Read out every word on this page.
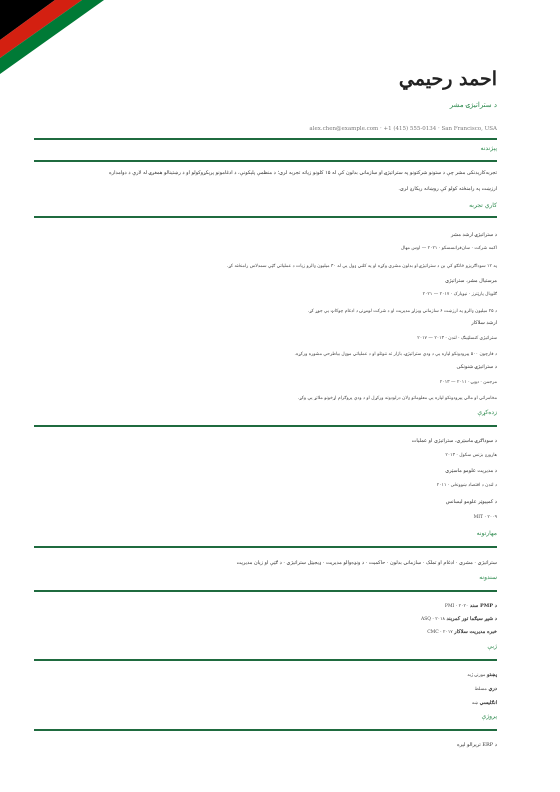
احمد رحيمي
د ستراتيژۍ مشر
alex.chen@example.com · +1 (415) 555-0134 · San Francisco, USA
پېژندنه
تجربه‌کارېدنکی مشر چې د ستونو شرکتونو په ستراتيژۍ او سازماني بدلون کې له ۱۵ کلونو زیاته تجربه لري؛ د منظمې پلېکونې، د ادغامونو پرېکړوکولو او د رښتينالو همغږۍ له لارې د دوامداره
ارزښت په رامنځته کولو کې روښانه ريکارډ لري.
کاري تجربه
د ستراتيژۍ ارشد مشر
اکمه شرکت · سان‌فرانسسکو · ۲۰۲۱ — اوس مهال
په ۱۲ سوداګريزو څانګو کې بن د ستراتيژۍ او بدلون مشري وکړه او په کلني ډول يې له ۳۰ میلیون ډالرو زيات د عملياتي ګټې سمدلاس رامنځته کړ.
مرستيال مشر، ستراتيژي
ګلوبال پارټنرز · نيويارک · ۲۰۱۷ — ۲۰۲۱
د ۲۵ میلیون ډالرو په ارزښت ۶ سازماني ويزلړ مديريت او د شرکت لومړنۍ د ادغام چوکاټ يې جوړ کړ.
ارشد سلاکار
ستراتيژي کنسلټينګ · لندن · ۲۰۱۳ — ۲۰۱۷
د فارچون ۵۰۰ پيرودونکو لپاره يې د ودې ستراتيژۍ، بازار ته ننوتلو او د عملياتي موډل بیاطرحې مشوره ورکړه.
د ستراتيژۍ شنونکی
مرجمن · دوبۍ · ۲۰۱۱ — ۲۰۱۳
مخامراتي او مالي پيرودونکو لپاره يې معلوماتو ډلان درلودونه ورکړل او د ودې پروګرام اړخونو ملاتړ يې وکړ.
زده‌کړې
د سوداګرۍ ماسټري، ستراتيژي او عمليات
هارورډ بزنس سکول · ۲۰۱۳
د مديريت علومو ماسټري
د لندن د اقتصاد ښوونځی · ۲۰۱۱
د کمپيوټر علومو ليسانس
MIT · ۲۰۰۹
مهارتونه
ستراتيژي · مشري · ادغام او تملک · سازماني بدلون · حاکميت · د ونډه‌والو مديريت · ډيجيټل ستراتيژي · د ګټې او زيان مديريت
سندونه
د PMP سند PMI · ۲۰۲۰
د شپږ سيګما تور کمربند ASQ · ۲۰۱۸
خبره مديريت سلاکار CMC · ۲۰۱۷
ژبې
پښتو مورنۍ ژبه
دري مسلط
انګليسي ښه
پروژې
د ERP تریرالو لپره
